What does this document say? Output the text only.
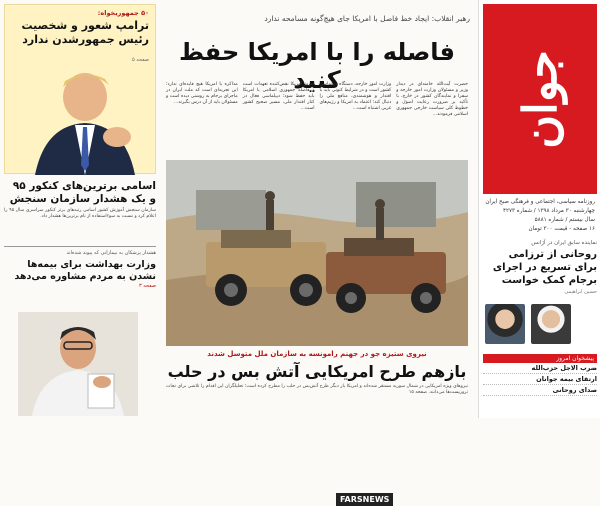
جوان
روزنامه سیاسی، اجتماعی و فرهنگی صبح ایران
چهارشنبه ۳۰ مرداد ۱۳۹۸ / شماره ۴۲۷۳
سال بیستم / شماره ۵۸۸۱
۱۶ صفحه - قیمت ۳۰۰ تومان
نماینده سابق ایران در آژانس
روحانی از ترزامی برای تسریع در اجرای برجام کمک خواست
حسین ابراهیمی
پیشخوان امروز
ضرب الاجل حزب‌الله
ارتقای بیمه جوانان
صدای روحانی
رهبر انقلاب: ایجاد خط فاصل با امریکا جای هیچ‌گونه مسامحه ندارد
فاصله را با امریکا حفظ کنید	حضرت آیت‌الله خامنه‌ای در دیدار وزیر و مسئولان وزارت امور خارجه و سفرا و نمایندگان کشور در خارج، با تأکید بر ضرورت رعایت اصول و خطوط کلی سیاست خارجی جمهوری اسلامی فرمودند...
وزارت امور خارجه، دستگاه دیپلماسی کشور است و در شرایط کنونی باید با اقتدار و هوشمندی، منافع ملی را دنبال کند؛ اعتماد به امریکا و رژیم‌های غربی اشتباه است...
امروز امریکا نقض‌کننده تعهدات است و فاصله جمهوری اسلامی با امریکا باید حفظ شود؛ دیپلماسی فعال در کنار اقتدار ملی، مسیر صحیح کشور است...
مذاکره با امریکا هیچ فایده‌ای ندارد؛ این تجربه‌ای است که ملت ایران در ماجرای برجام به روشنی دیده است و مسئولان باید از آن درس بگیرند...
FARSNEWS
نیروی ستیزه جو در جهنم رامونسه به سازمان ملل متوسل شدند
بازهم طرح امریکایی آتش بس در حلب
نیروهای ویژه امریکایی در شمال سوریه مستقر شده‌اند و امریکا بار دیگر طرح آتش‌بس در حلب را مطرح کرده است؛ تحلیلگران این اقدام را تلاشی برای نجات تروریست‌ها می‌دانند. صفحه ۱۵
۵۰ جمهوریخواه:
ترامپ شعور و شخصیت رئیس جمهورشدن ندارد
صفحه ۵
اسامی برترین‌های کنکور ۹۵ و یک هشدار سازمان سنجش
سازمان سنجش آموزش کشور اسامی رتبه‌های برتر کنکور سراسری سال ۹۵ را اعلام کرد و نسبت به سوءاستفاده از نام برترین‌ها هشدار داد.
هشدار پزشکان به بیمارانی که پیوند شده‌اند
وزارت بهداشت برای بیمه‌ها نشدن به مردم مشاوره می‌دهد
صفحه ۳
